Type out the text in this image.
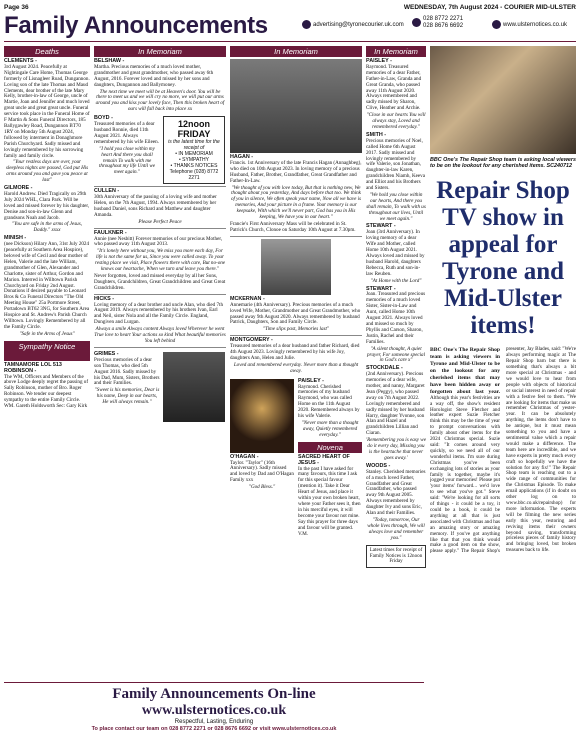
Page 36	WEDNESDAY, 7th August 2024 - COURIER MID-ULSTER
Family Announcements	advertising@tyronecourier.uk.com
028 8772 2271
028 8676 6692	www.ulsternotices.co.uk
Deaths
CLEMENTS -
3rd August 2024. Peacefully at Nightingale Care Home, Thomas George formerly of Lisnagleer Road, Dungannon. Loving son of the late Thomas and Maud Clements, dear brother of the late Mary Kelly, brother-in-law of George, uncle of Martie, Joan and Jennifer and much loved great uncle and great great uncle. Funeral service took place in the Funeral Home of F Martin & Sons Funeral Directors, 185 Ballygawley Road, Dungannon BT70 1RY on Monday 5th August 2024, followed by interment in Donaghmore Parish Churchyard. Sadly missed and lovingly remembered by his sorrowing family and family circle.
"Your restless days are over, your sleepless nights are passed, God put His arms around you and gave you peace at last"
GILMORE -
Harold Andrew. Died Tragically on 29th July 2024 WHL, Clara Park. Will be loved and missed forever by his daughter, Denise and son-in-law Glenn and grandsons Noah and Jacob.
"You are safe in the arms of Jesus, Daddy." xxxx
MINISH -
(nee Dickson) Hilary Ann, 31st July 2024 (peacefully at Southern Area Hospice), beloved wife of Cecil and dear mother of Helen, Valerie and the late William, grandmother of Glen, Alexander and Charlotte, sister of Arthur, Gordon and Marion. Interred in Willtown Parish Churchyard on Friday 2nd August. Donations if desired payable to Leonard Bros & Co Funeral Directors "The Old Meeting House" 25a Portmore Street, Portadown BT62 3NG, for Southern Area Hospice and St. Andrew's Parish Church Willtown. Lovingly Remembered by all the Family Circle.
"Safe in the Arms of Jesus"
Sympathy Notice
TAMNAMORE LOL 513 ROBINSON -
The WM, Officers and Members of the above Lodge deeply regret the passing of Sally Robinson, mother of Bro. Roger Robinson. We tender our deepest sympathy to the entire Family Circle. WM. Gareth Holdsworth Sec: Gary Kirk
In Memoriam
BELSHAW -
Martha. Precious memories of a much loved mother, grandmother and great grandmother, who passed away 6th August, 2016. Forever loved and missed by her sons and daughters, Dungannon and Ballymoney.
The next time we meet will be at Heaven's door. You will be there to meet us and we will cry no more, we will put our arms around you and kiss your lovely face, Then this broken heart of ours will fall back into place xx
BOYD -
Treasured memories of a dear husband Ronnie, died 11th August 2021. Always remembered by his wife Eileen.
"I hold you close within my heart And there you shall remain To walk with me throughout my life Until we meet again."
12noon
FRIDAY
is the latest time for the receipt of
• IN MEMORIAM
• SYMPATHY
• THANKS NOTICES
Telephone (028) 8772 2271
CULLEN -
30th Anniversary of the passing of a loving wife and mother Helen, on the 7th August, 1994. Always remembered by her husband Daniel, sons Richard and Matthew and daughter Amanda.
Please Perfect Peace
FAULKNER -
Annie (nee Nesbitt) Forever memories of our precious Mother, who passed away 11th August 2013.
"It's lonely here without you, We miss you more each day, For life is not the same for us, Since you were called away. To your resting place we visit, Place flowers there with care, But no-one knows our heartache, When we turn and leave you there."
Never forgotten, loved and missed everyday by all her Sons, Daughters, Grandchildren, Great Grandchildren and Great Great Grandchildren.
HICKS -
Loving memory of a dear brother and uncle Alan, who died 7th August 2019. Always remembered by his brothers Ivan, Earl and Neil, sister Nola and all the Family Circle. England, Dungiven and Lurgan.
Always a smile Always content Always loved Wherever he went True love to heart Your actions so kind What beautiful memories You left behind
GRIMES -
Precious memories of a dear son Thomas, who died 5th August 2016. Sadly missed by his Dad, Mum, Sisters, Brothers and their Families.
"Sweet is his memories, Dear is his name, Deep in our hearts, He will always remain."
In Memoriam
HAGAN -
Francis. 1st Anniversary of the late Francis Hagan (Annaghbeg), who died on 10th August 2023. In loving memory of a precious Husband, Father, Brother, Grandfather, Great Grandfather and Father-In-Law.
"We thought of you with love today, But that is nothing new, We thought about you yesterday, And days before that too. We think of you in silence, We often speak your name, Now all we have is memories, And your picture in a frame. Your memory is our keepsake, With which we'll never part, God has you in His keeping, We have you in our heart."
Francie's First Anniversary Mass will be celebrated in St. Patrick's Church, Clonoe on Saturday 10th August at 7.30pm.
MCKERNAN -
Annemarie (4th Anniversary). Precious memories of a much loved Wife, Mother, Grandmother and Great Grandmother, who passed away 9th August 2020. Always remembered by husband Patrick, Daughters, Son and Family Circle.
"Time slips past, Memories last"
MONTGOMERY -
Treasured memories of a dear husband and father Richard, died 4th August 2023. Lovingly remembered by his wife Joy, daughters Ann, Helen and Julie.
Loved and remembered everyday. Never more than a thought away.
O'HAGAN -
Taylor. "Taylor" (16th Anniversary). Sadly missed and loved by Dad and O'Hagan Family xxx
"God Bless."
PAISLEY -
Raymond. Cherished memories of my husband Raymond, who was called Home on the 11th August 2020. Remembered always by his wife Valerie.
"Never more than a thought away, Quietly remembered everyday."
Novena
SACRED HEART OF JESUS -
In the past I have asked for many favours, this time I ask for this special favour (mention it). Take it Dear Heart of Jesus, and place it within your own broken heart, where your Father sees it, then in his merciful eyes, it will become your favour not mine. Say this prayer for three days and favour will be granted. V.M.
In Memoriam
PAISLEY -
Raymond. Treasured memories of a dear Father, Father-in-Law, Granda and Great Granda, who passed away 11th August 2020. Always remembered and sadly missed by Sharon, Clive, Heather and Archie.
"Close in our hearts You will always stay, Loved and remembered everyday."
SMITH -
Precious memories of Noel, called Home 6th August 2017. Sadly missed and lovingly remembered by wife Valerie, son Jonathan, daughter-in-law Karen, grandchildren Niamh, Keeva and Elliot and his Brothers and Sisters.
"We hold you close within our hearts, And there you shall remain, To walk with us throughout our lives, Until we meet again."
STEWART -
Joan (3rd Anniversary). In loving memory of a dear Wife and Mother, called Home 10th August 2021. Always loved and missed by husband Harold, daughters Rebecca, Ruth and son-in-law Reuben.
"At Home with the Lord"
STEWART -
Joan. Treasured and precious memories of a much loved Sister, Sister-in-Law and Aunt, called Home 10th August 2021. Always loved and missed so much by Phyllis and Carson, Sharon, Justin, Rachel and their Families.
"A silent thought, A quiet prayer, For someone special in God's care x"
STOCKDALE -
(2nd Anniversary). Precious memories of a dear wife, mother, and nanny, Margaret Jean (Peggy), who passed away on 7th August 2022. Lovingly remembered and sadly missed by her husband Harry, daughter Yvonne, son Alan and Hazel and grandchildren Lillian and Ciaran.
'Remembering you is easy we do it every day, Missing you is the heartache that never goes away.'
WOODS -
Stanley. Cherished memories of a much loved Father, Grandfather and Great Grandfather, who passed away 9th August 2005. Always remembered by daughter Ivy and sons Eric, Alan and their Families.
"Today, tomorrow, Our whole lives through, We will always love and remember you."
Latest times for receipt of Family Notices is 12noon Friday
BBC One's The Repair Shop team is asking local viewers to be on the lookout for any cherished items. SC240712
Repair Shop TV show in appeal for Tyrone and Mid-Ulster items!
BBC One's The Repair Shop team is asking viewers in Tyrone and Mid-Ulster to be on the lookout for any cherished items that may have been hidden away or forgotten about last year. Although this year's festivities are a way off, the show's resident Horologist Steve Fletcher and leather expert Suzie Fletcher think this may be the time of year to prompt conversations with family about other items for the 2024 Christmas special. Suzie said: "It comes around very quickly, so we need all of our wonderful items. I'm sure during Christmas you've been exchanging lots of stories as your family is together, maybe it's jogged your memories! Please put 'your items' forward... we'd love to see what you've got." Steve said: "We're looking for all sorts of things - it could be a toy, it could be a book, it could be anything at all that is just associated with Christmas and has an amazing story or amazing memory. If you've got anything like that that you think would make a good item on the show, please apply." The Repair Shop's presenter, Jay Blades, said: "We're always performing magic at The Repair Shop barn but there is something that's always a bit more special at Christmas - and we would love to hear from people with objects of historical or social interest in need of repair with a festive feel to them. "We are looking for items that make us remember Christmas of yester-year. It can be absolutely anything, the items don't have to be antique, but it must mean something to you and have a sentimental value which a repair would make a difference. The team here are incredible, and we have experts in pretty much every craft so hopefully we have the solution for any fix!" The Repair Shop team is reaching out to a wide range of communities for the Christmas Episode. To make email applications (if in doubt on other log on to www.bbc.co.uk/repairshop) for more information. The experts will be filming the new series early this year, restoring and reviving items their owners beyond saving, transforming priceless pieces of family history and bringing loved, but broken treasures back to life.
Family Announcements On-line
www.ulsternotices.co.uk
Respectful, Lasting, Enduring
To place contact our team on 028 8772 2271 or 028 8676 6692 or visit www.ulsternotices.co.uk
